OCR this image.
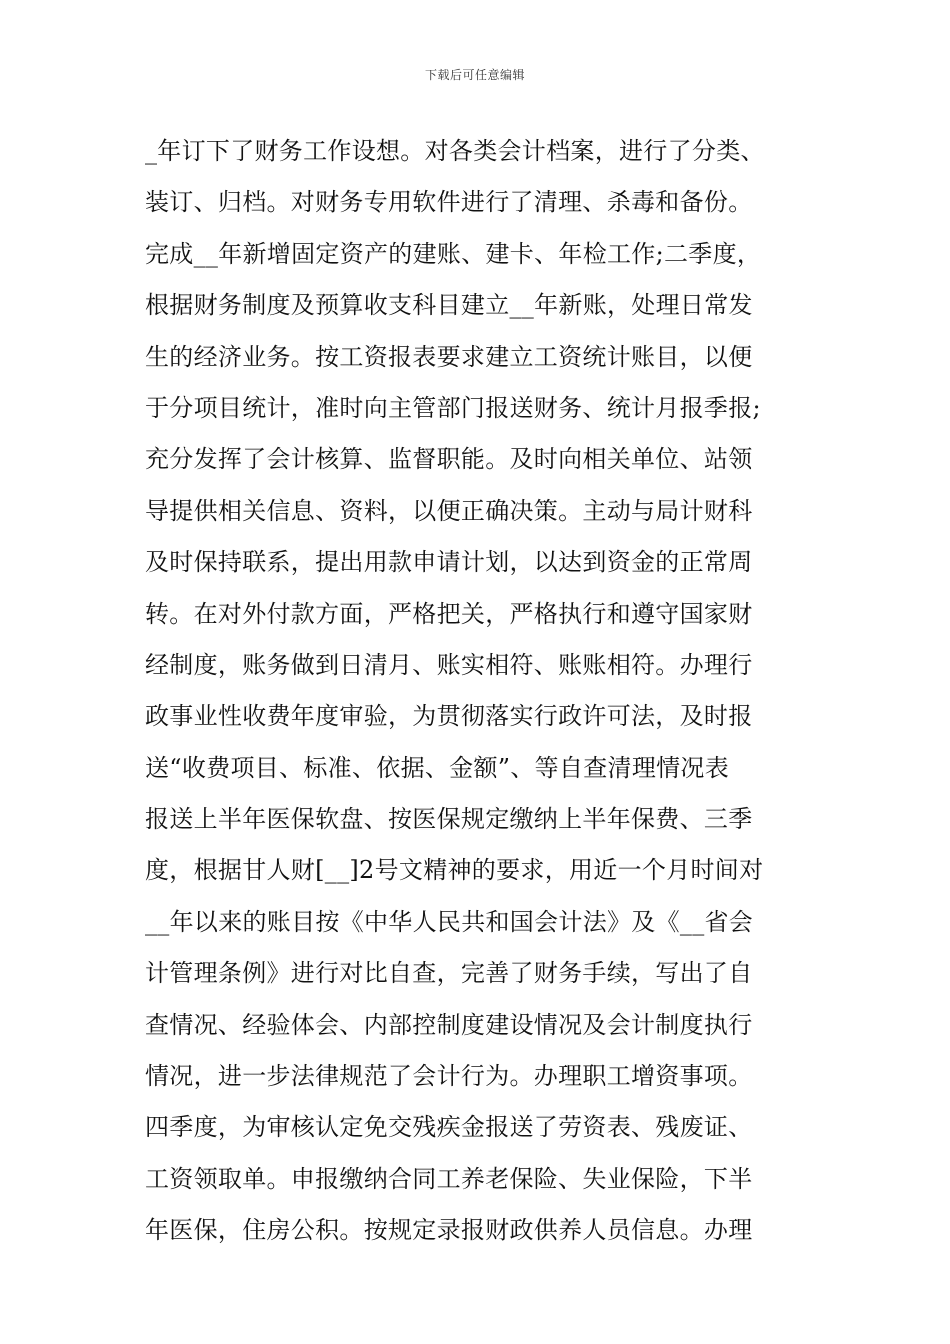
下载后可任意编辑
_年订下了财务工作设想。对各类会计档案，进行了分类、
装订、归档。对财务专用软件进行了清理、杀毒和备份。
完成__年新增固定资产的建账、建卡、年检工作;二季度，
根据财务制度及预算收支科目建立__年新账，处理日常发
生的经济业务。按工资报表要求建立工资统计账目，以便
于分项目统计，准时向主管部门报送财务、统计月报季报;
充分发挥了会计核算、监督职能。及时向相关单位、站领
导提供相关信息、资料，以便正确决策。主动与局计财科
及时保持联系，提出用款申请计划，以达到资金的正常周
转。在对外付款方面，严格把关，严格执行和遵守国家财
经制度，账务做到日清月、账实相符、账账相符。办理行
政事业性收费年度审验，为贯彻落实行政许可法，及时报
送“收费项目、标准、依据、金额”、等自查清理情况表
报送上半年医保软盘、按医保规定缴纳上半年保费、三季
度，根据甘人财[__]2号文精神的要求，用近一个月时间对
__年以来的账目按《中华人民共和国会计法》及《__省会
计管理条例》进行对比自查，完善了财务手续，写出了自
查情况、经验体会、内部控制度建设情况及会计制度执行
情况，进一步法律规范了会计行为。办理职工增资事项。
四季度，为审核认定免交残疾金报送了劳资表、残废证、
工资领取单。申报缴纳合同工养老保险、失业保险，下半
年医保，住房公积。按规定录报财政供养人员信息。办理
